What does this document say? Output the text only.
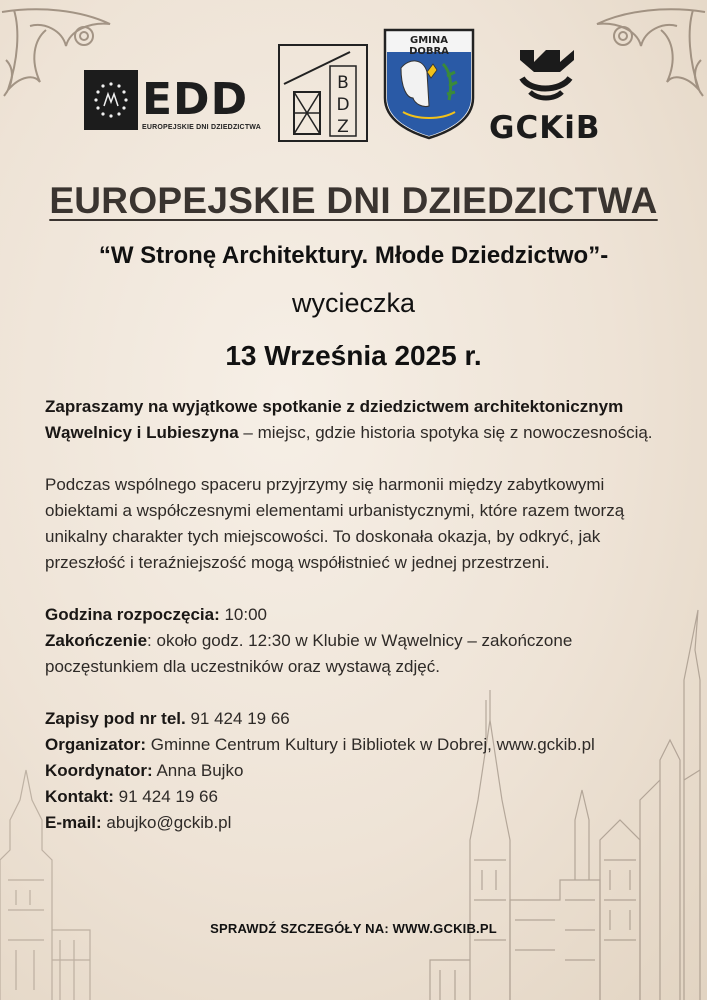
EDD
EUROPEJSKIE DNI DZIEDZICTWA
B
D
Z
GMINA DOBRA
GCKiB
EUROPEJSKIE DNI DZIEDZICTWA
“W Stronę Architektury. Młode Dziedzictwo”-
wycieczka
13 Września 2025 r.

Zapraszamy na wyjątkowe spotkanie z dziedzictwem architektonicznym Wąwelnicy i Lubieszyna – miejsc, gdzie historia spotyka się z nowoczesnością.

Podczas wspólnego spaceru przyjrzymy się harmonii między zabytkowymi obiektami a współczesnymi elementami urbanistycznymi, które razem tworzą unikalny charakter tych miejscowości. To doskonała okazja, by odkryć, jak przeszłość i teraźniejszość mogą współistnieć w jednej przestrzeni.

Godzina rozpoczęcia: 10:00

Zakończenie: około godz. 12:30 w Klubie w Wąwelnicy – zakończone poczęstunkiem dla uczestników oraz wystawą zdjęć.

Zapisy pod nr tel. 91 424 19 66

Organizator: Gminne Centrum Kultury i Bibliotek w Dobrej, www.gckib.pl

Koordynator: Anna Bujko

Kontakt: 91 424 19 66

E-mail: abujko@gckib.pl

SPRAWDŹ SZCZEGÓŁY NA: WWW.GCKIB.PL
